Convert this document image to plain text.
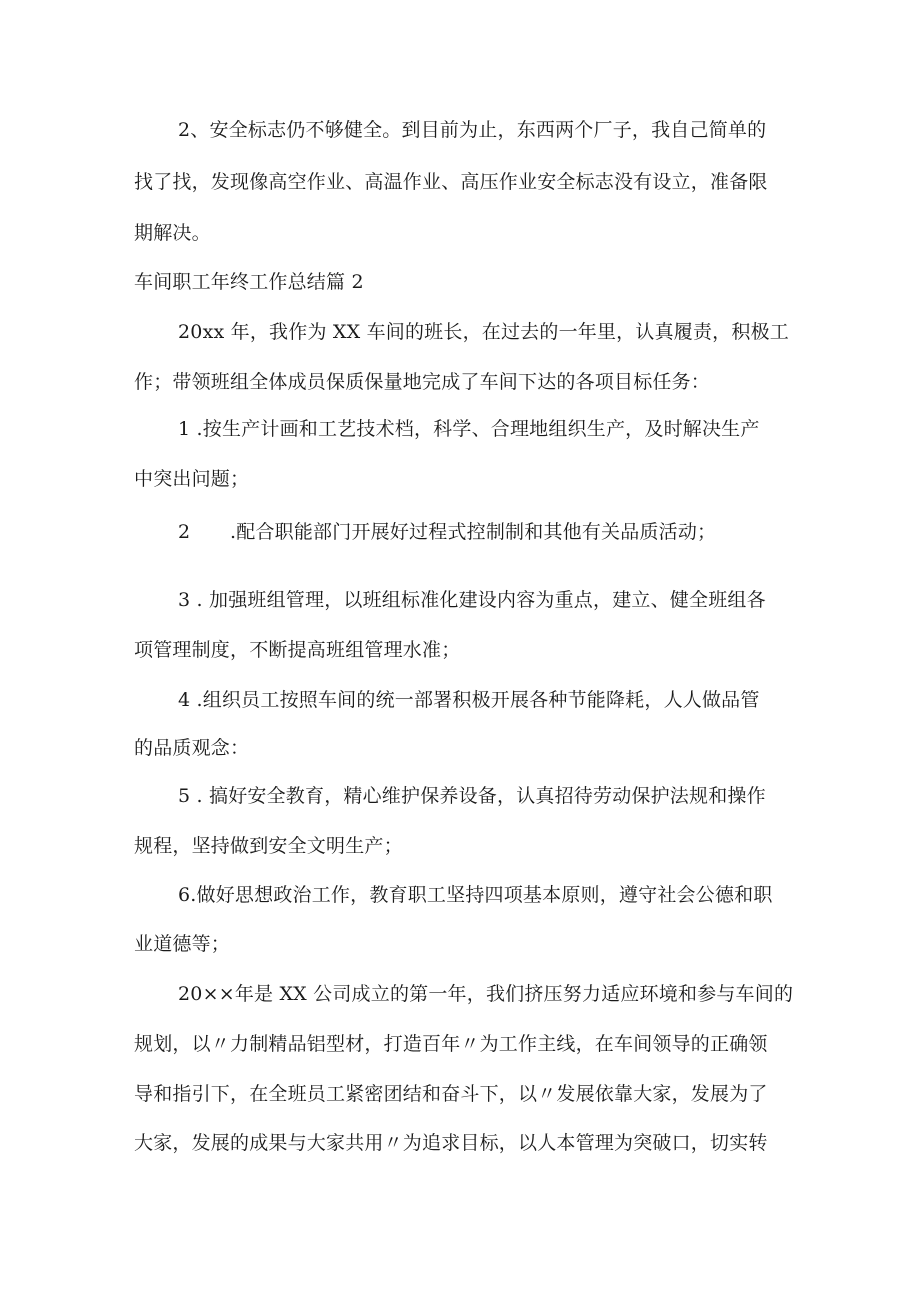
2、安全标志仍不够健全。到目前为止，东西两个厂子，我自己简单的
找了找，发现像高空作业、高温作业、高压作业安全标志没有设立，准备限
期解决。
车间职工年终工作总结篇 2
20xx 年，我作为 XX 车间的班长，在过去的一年里，认真履责，积极工
作；带领班组全体成员保质保量地完成了车间下达的各项目标任务：
1 .按生产计画和工艺技术档，科学、合理地组织生产，及时解决生产
中突出问题；
2 .配合职能部门开展好过程式控制制和其他有关品质活动；
3 . 加强班组管理，以班组标准化建设内容为重点，建立、健全班组各
项管理制度，不断提高班组管理水准；
4 .组织员工按照车间的统一部署积极开展各种节能降耗，人人做品管
的品质观念：
5 . 搞好安全教育，精心维护保养设备，认真招待劳动保护法规和操作
规程，坚持做到安全文明生产；
6.做好思想政治工作，教育职工坚持四项基本原则，遵守社会公德和职
业道德等；
20××年是 XX 公司成立的第一年，我们挤压努力适应环境和参与车间的
规划，以〃力制精品铝型材，打造百年〃为工作主线，在车间领导的正确领
导和指引下，在全班员工紧密团结和奋斗下，以〃发展依靠大家，发展为了
大家，发展的成果与大家共用〃为追求目标，以人本管理为突破口，切实转
